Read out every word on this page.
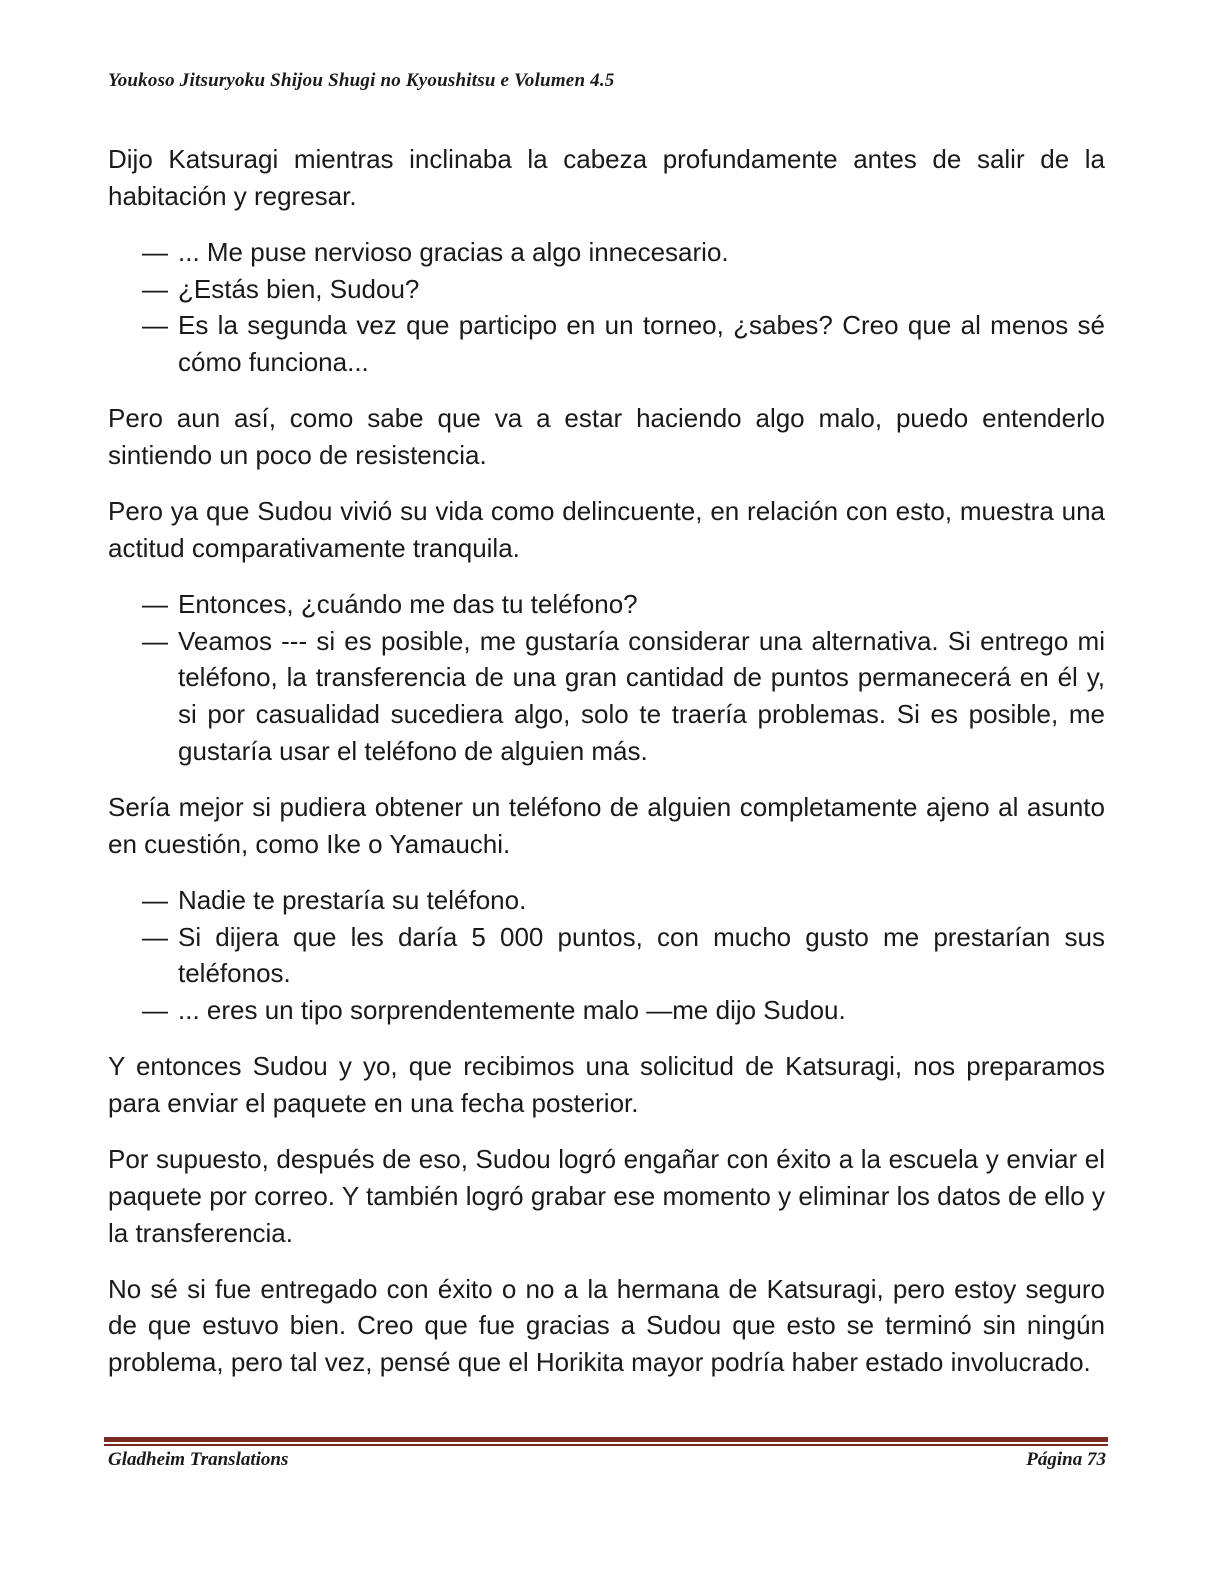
Youkoso Jitsuryoku Shijou Shugi no Kyoushitsu e Volumen 4.5

Dijo Katsuragi mientras inclinaba la cabeza profundamente antes de salir de la habitación y regresar.

— ... Me puse nervioso gracias a algo innecesario.
— ¿Estás bien, Sudou?
— Es la segunda vez que participo en un torneo, ¿sabes? Creo que al menos sé cómo funciona...

Pero aun así, como sabe que va a estar haciendo algo malo, puedo entenderlo sintiendo un poco de resistencia.

Pero ya que Sudou vivió su vida como delincuente, en relación con esto, muestra una actitud comparativamente tranquila.

— Entonces, ¿cuándo me das tu teléfono?
— Veamos --- si es posible, me gustaría considerar una alternativa. Si entrego mi teléfono, la transferencia de una gran cantidad de puntos permanecerá en él y, si por casualidad sucediera algo, solo te traería problemas. Si es posible, me gustaría usar el teléfono de alguien más.

Sería mejor si pudiera obtener un teléfono de alguien completamente ajeno al asunto en cuestión, como Ike o Yamauchi.

— Nadie te prestaría su teléfono.
— Si dijera que les daría 5 000 puntos, con mucho gusto me prestarían sus teléfonos.
— ... eres un tipo sorprendentemente malo —me dijo Sudou.

Y entonces Sudou y yo, que recibimos una solicitud de Katsuragi, nos preparamos para enviar el paquete en una fecha posterior.

Por supuesto, después de eso, Sudou logró engañar con éxito a la escuela y enviar el paquete por correo. Y también logró grabar ese momento y eliminar los datos de ello y la transferencia.

No sé si fue entregado con éxito o no a la hermana de Katsuragi, pero estoy seguro de que estuvo bien. Creo que fue gracias a Sudou que esto se terminó sin ningún problema, pero tal vez, pensé que el Horikita mayor podría haber estado involucrado.

Gladheim Translations	Página 73
